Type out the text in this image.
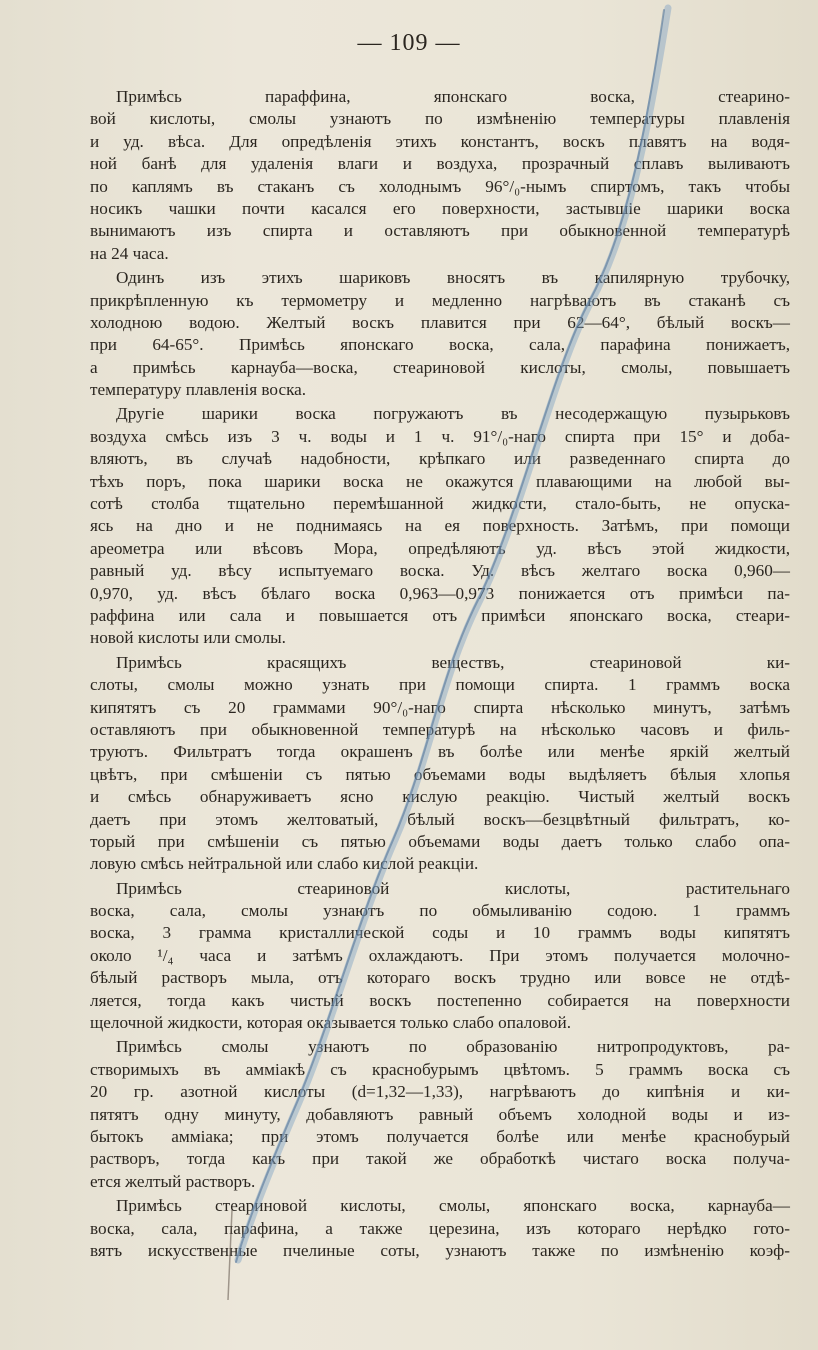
— 109 —
Примѣсь паpаффина, японскаго воска, стеарино-
вой кислоты, смолы узнаютъ по измѣненію температуры плавленія
и уд. вѣса. Для опредѣленія этихъ константъ, воскъ плавятъ на водя-
ной банѣ для удаленія влаги и воздуха, прозрачный сплавъ выливаютъ
по каплямъ въ стаканъ съ холоднымъ 96°/₀-нымъ спиртомъ, такъ чтобы
носикъ чашки почти касался его поверхности, застывшіе шарики воска
вынимаютъ изъ спирта и оставляютъ при обыкновенной температурѣ
на 24 часа.
Одинъ изъ этихъ шариковъ вносятъ въ капилярную трубочку,
прикрѣпленную къ термометру и медленно нагрѣваютъ въ стаканѣ съ
холодною водою. Желтый воскъ плавится при 62—64°, бѣлый воскъ—
при 64-65°. Примѣсь японскаго воска, сала, парафина понижаетъ,
а примѣсь карнауба—воска, стеариновой кислоты, смолы, повышаетъ
температуру плавленія воска.
Другіе шарики воска погружаютъ въ несодержащую пузырьковъ
воздуха смѣсь изъ 3 ч. воды и 1 ч. 91°/₀-наго спирта при 15° и доба-
вляютъ, въ случаѣ надобности, крѣпкаго или разведеннаго спирта до
тѣхъ поръ, пока шарики воска не окажутся плавающими на любой вы-
сотѣ столба тщательно перемѣшанной жидкости, стало-быть, не опуска-
ясь на дно и не поднимаясь на ея поверхность. Затѣмъ, при помощи
ареометра или вѣсовъ Мора, опредѣляютъ уд. вѣсъ этой жидкости,
равный уд. вѣсу испытуемаго воска. Уд. вѣсъ желтаго воска 0,960—
0,970, уд. вѣсъ бѣлаго воска 0,963—0,973 понижается отъ примѣси па-
раффина или сала и повышается отъ примѣси японскаго воска, стеари-
новой кислоты или смолы.
Примѣсь красящихъ веществъ, стеариновой ки-
слоты, смолы можно узнать при помощи спирта. 1 граммъ воска
кипятятъ съ 20 граммами 90°/₀-наго спирта нѣсколько минутъ, затѣмъ
оставляютъ при обыкновенной температурѣ на нѣсколько часовъ и филь-
труютъ. Фильтратъ тогда окрашенъ въ болѣе или менѣе яркій желтый
цвѣтъ, при смѣшеніи съ пятью объемами воды выдѣляетъ бѣлыя хлопья
и смѣсь обнаруживаетъ ясно кислую реакцію. Чистый желтый воскъ
даетъ при этомъ желтоватый, бѣлый воскъ—безцвѣтный фильтратъ, ко-
торый при смѣшеніи съ пятью объемами воды даетъ только слабо опа-
ловую смѣсь нейтральной или слабо кислой реакціи.
Примѣсь стеариновой кислоты, растительнаго
воска, сала, смолы узнаютъ по обмыливанію содою. 1 граммъ
воска, 3 грамма кристаллической соды и 10 граммъ воды кипятятъ
около ¹/₄ часа и затѣмъ охлаждаютъ. При этомъ получается молочно-
бѣлый растворъ мыла, отъ котораго воскъ трудно или вовсе не отдѣ-
ляется, тогда какъ чистый воскъ постепенно собирается на поверхности
щелочной жидкости, которая оказывается только слабо опаловой.
Примѣсь смолы узнаютъ по образованію нитропродуктовъ, ра-
створимыхъ въ амміакѣ съ краснобурымъ цвѣтомъ. 5 граммъ воска съ
20 гр. азотной кислоты (d=1,32—1,33), нагрѣваютъ до кипѣнія и ки-
пятятъ одну минуту, добавляютъ равный объемъ холодной воды и из-
бытокъ амміака; при этомъ получается болѣе или менѣе краснобурый
растворъ, тогда какъ при такой же обработкѣ чистаго воска получа-
ется желтый растворъ.
Примѣсь стеариновой кислоты, смолы, японскаго воска, карнауба—
воска, сала, парафина, а также церезина, изъ котораго нерѣдко гото-
вятъ искусственные пчелиные соты, узнаютъ также по измѣненію коэф-
